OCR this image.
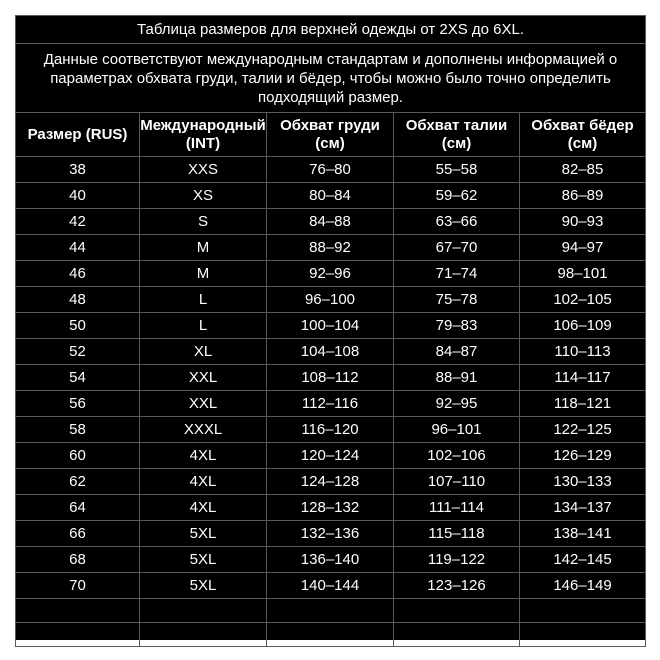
Таблица размеров для верхней одежды от 2XS до 6XL.				
Данные соответствуют международным стандартам и дополнены информацией о параметрах обхвата груди, талии и бёдер, чтобы можно было точно определить подходящий размер.				
Размер (RUS)	Международный (INT)	Обхват груди (см)	Обхват талии (см)	Обхват бёдер (см)
38	XXS	76–80	55–58	82–85
40	XS	80–84	59–62	86–89
42	S	84–88	63–66	90–93
44	M	88–92	67–70	94–97
46	M	92–96	71–74	98–101
48	L	96–100	75–78	102–105
50	L	100–104	79–83	106–109
52	XL	104–108	84–87	110–113
54	XXL	108–112	88–91	114–117
56	XXL	112–116	92–95	118–121
58	XXXL	116–120	96–101	122–125
60	4XL	120–124	102–106	126–129
62	4XL	124–128	107–110	130–133
64	4XL	128–132	111–114	134–137
66	5XL	132–136	115–118	138–141
68	5XL	136–140	119–122	142–145
70	5XL	140–144	123–126	146–149
